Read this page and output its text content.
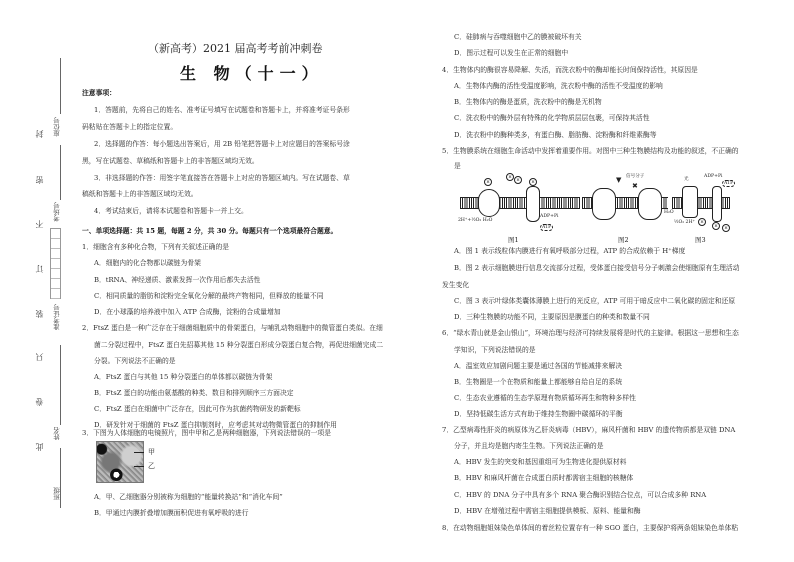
封
密
不
订
装
只
卷
此
座位号
考场号
准考证号
姓名
班级
（新高考）2021 届高考考前冲刺卷
生 物（十一）
注意事项：
1．答题前，先将自己的姓名、准考证号填写在试题卷和答题卡上，并将准考证号条形
码粘贴在答题卡上的指定位置。
2．选择题的作答：每小题选出答案后，用 2B 铅笔把答题卡上对应题目的答案标号涂
黑，写在试题卷、草稿纸和答题卡上的非答题区域均无效。
3．非选择题的作答：用签字笔直接答在答题卡上对应的答题区域内。写在试题卷、草
稿纸和答题卡上的非答题区域均无效。
4．考试结束后，请将本试题卷和答题卡一并上交。
一、单项选择题：共 15 题，每题 2 分，共 30 分。每题只有一个选项最符合题意。
1．细胞含有多种化合物，下列有关叙述正确的是
A．细胞内的化合物都以碳链为骨架
B．tRNA、神经递质、激素发挥一次作用后都失去活性
C．相同质量的脂肪和淀粉完全氧化分解的最终产物相同，但释放的能量不同
D．在小球藻的培养液中加入 ATP 合成酶，淀粉的合成量增加
2．FtsZ 蛋白是一种广泛存在于细菌细胞质中的骨架蛋白，与哺乳动物细胞中的微管蛋白类似。在细
菌二分裂过程中，FtsZ 蛋白先招募其他 15 种分裂蛋白形成分裂蛋白复合物，再促进细菌完成二
分裂。下列说法不正确的是
A．FtsZ 蛋白与其他 15 种分裂蛋白的单体都以碳链为骨架
B．FtsZ 蛋白的功能由氨基酸的种类、数目和排列顺序三方面决定
C．FtsZ 蛋白在细菌中广泛存在，因此可作为抗菌药物研发的新靶标
D．研发针对于细菌的 FtsZ 蛋白抑制剂时，应考虑其对动物微管蛋白的抑制作用
3．下图为人体细胞的电镜照片，图中甲和乙是两种细胞器，下列说法错误的一项是
甲
乙
A．甲、乙细胞器分别被称为细胞的“能量转换站”和“消化车间”
B．甲通过内膜折叠增加膜面积促进有氧呼吸的进行
C．硅肺病与吞噬细胞中乙的膜被破坏有关
D．图示过程可以发生在正常的细胞中
4．生物体内的酶很容易降解、失活，而洗衣粉中的酶却能长时间保持活性，其原因是
A．生物体内酶的活性受温度影响，洗衣粉中酶的活性不受温度的影响
B．生物体内的酶是蛋质，洗衣粉中的酶是无机物
C．洗衣粉中的酶外层有特殊的化学物质层层包裹，可保持其活性
D．洗衣粉中的酶种类多，有蛋白酶、脂肪酶、淀粉酶和纤维素酶等
5．生物膜系统在细胞生命活动中发挥着重要作用。对图中三种生物膜结构及功能的叙述，不正确的
是
H
H
H	H
2H⁺+½O₂ H₂O
ADP+Pi
ATP
图1
▼
✖
信号分子
图2
光
ADP+Pi
ATP
H₂O
½O₂ 2H⁺	H
H	H
图3
A．图 1 表示线粒体内膜进行有氧呼吸部分过程，ATP 的合成依赖于 H⁺梯度
B．图 2 表示细胞膜进行信息交流部分过程，受体蛋白接受信号分子刺激会使细胞原有生理活动
发生变化
C．图 3 表示叶绿体类囊体薄膜上进行的光反应，ATP 可用于暗反应中二氧化碳的固定和还原
D．三种生物膜的功能不同，主要原因是膜蛋白的种类和数量不同
6．“绿水青山就是金山银山”，环境治理与经济可持续发展将是时代的主旋律。根据这一思想和生态
学知识，下列说法错误的是
A．温室效应加剧问题主要是通过各国的节能减排来解决
B．生物圈是一个在物质和能量上都能够自给自足的系统
C．生态农业遵循的生态学原理有物质循环再生和物种多样性
D．坚持低碳生活方式有助于维持生物圈中碳循环的平衡
7．乙型病毒性肝炎的病原体为乙肝炎病毒（HBV），麻风杆菌和 HBV 的遗传物质都是双链 DNA
分子，并且均是胞内寄生生物。下列说法正确的是
A．HBV 发生的突变和基因重组可为生物进化提供原材料
B．HBV 和麻风杆菌在合成蛋白质时都需宿主细胞的核糖体
C．HBV 的 DNA 分子中具有多个 RNA 聚合酶识别结合位点，可以合成多种 RNA
D．HBV 在增殖过程中需宿主细胞提供模板、原料、能量和酶
8．在动物细胞姐妹染色单体间的着丝粒位置存有一种 SGO 蛋白，主要保护将两条姐妹染色单体粘
